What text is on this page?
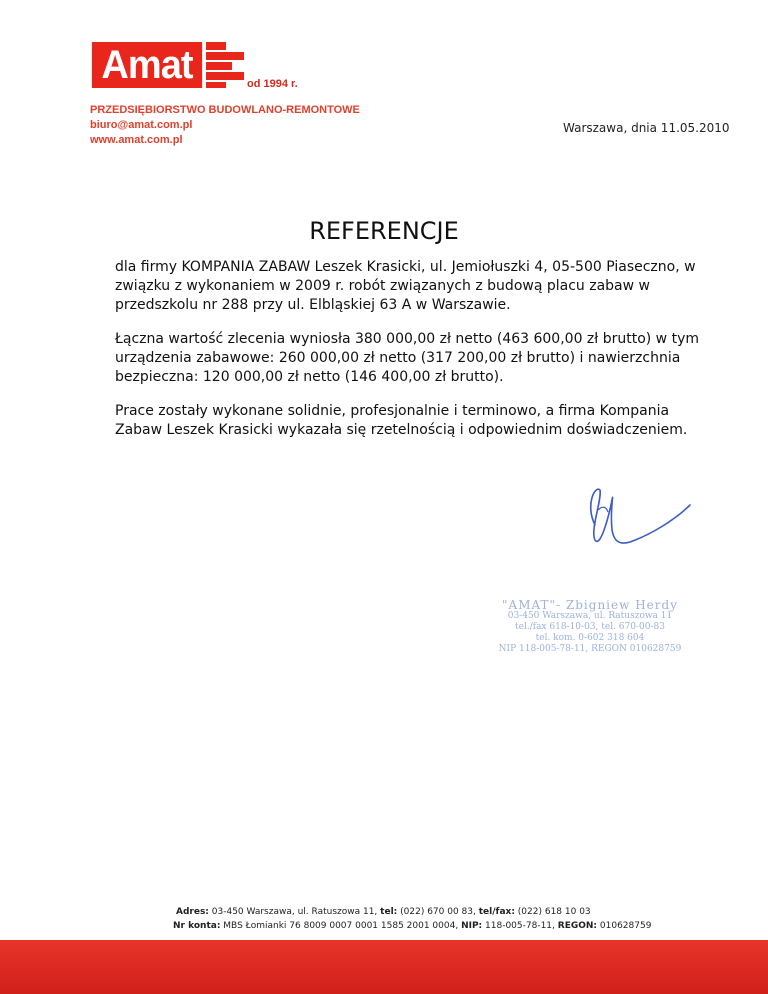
Amat	od 1994 r.
PRZEDSIĘBIORSTWO BUDOWLANO-REMONTOWE
biuro@amat.com.pl
www.amat.com.pl
Warszawa, dnia 11.05.2010
REFERENCJE
dla firmy KOMPANIA ZABAW Leszek Krasicki, ul. Jemiołuszki 4, 05-500 Piaseczno, w związku z wykonaniem w 2009 r. robót związanych z budową placu zabaw w przedszkolu nr 288 przy ul. Elbląskiej 63 A w Warszawie.
Łączna wartość zlecenia wyniosła 380 000,00 zł netto (463 600,00 zł brutto) w tym urządzenia zabawowe: 260 000,00 zł netto (317 200,00 zł brutto) i nawierzchnia bezpieczna: 120 000,00 zł netto (146 400,00 zł brutto).
Prace zostały wykonane solidnie, profesjonalnie i terminowo, a firma Kompania Zabaw Leszek Krasicki wykazała się rzetelnością i odpowiednim doświadczeniem.
"AMAT"- Zbigniew Herdy
03-450 Warszawa, ul. Ratuszowa 11
tel./fax 618-10-03, tel. 670-00-83
tel. kom. 0-602 318 604
NIP 118-005-78-11, REGON 010628759
Adres: 03-450 Warszawa, ul. Ratuszowa 11, tel: (022) 670 00 83, tel/fax: (022) 618 10 03
Nr konta: MBS Łomianki 76 8009 0007 0001 1585 2001 0004, NIP: 118-005-78-11, REGON: 010628759
